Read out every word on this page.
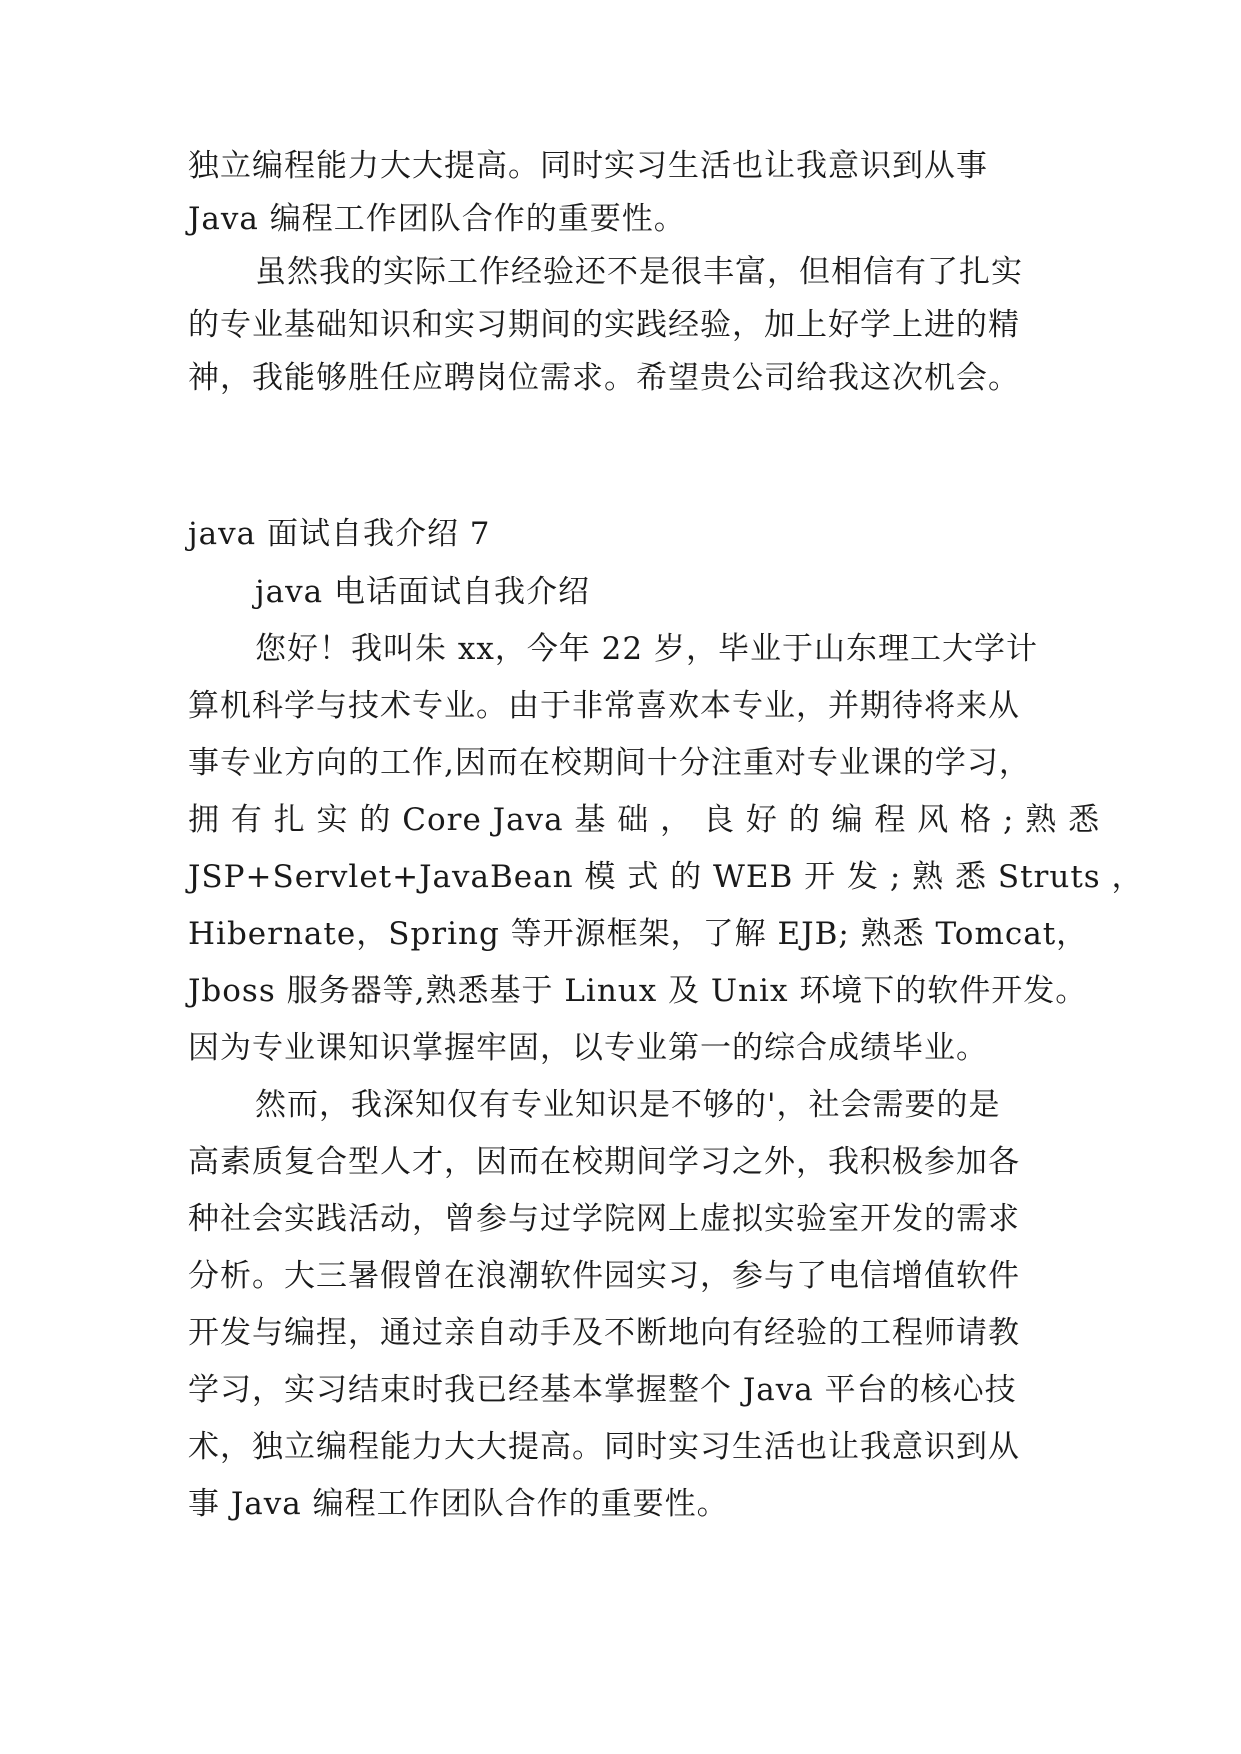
独立编程能力大大提高。同时实习生活也让我意识到从事
Java 编程工作团队合作的重要性。
虽然我的实际工作经验还不是很丰富，但相信有了扎实
的专业基础知识和实习期间的实践经验，加上好学上进的精
神，我能够胜任应聘岗位需求。希望贵公司给我这次机会。
java 面试自我介绍 7
java 电话面试自我介绍
您好！我叫朱 xx，今年 22 岁，毕业于山东理工大学计
算机科学与技术专业。由于非常喜欢本专业，并期待将来从
事专业方向的工作,因而在校期间十分注重对专业课的学习，
拥 有 扎 实 的 Core Java 基 础 ， 良 好 的 编 程 风 格 ; 熟 悉
JSP+Servlet+JavaBean 模 式 的 WEB 开 发 ; 熟 悉 Struts ，
Hibernate，Spring 等开源框架，了解 EJB; 熟悉 Tomcat，
Jboss 服务器等,熟悉基于 Linux 及 Unix 环境下的软件开发。
因为专业课知识掌握牢固，以专业第一的综合成绩毕业。
然而，我深知仅有专业知识是不够的'，社会需要的是
高素质复合型人才，因而在校期间学习之外，我积极参加各
种社会实践活动，曾参与过学院网上虚拟实验室开发的需求
分析。大三暑假曾在浪潮软件园实习，参与了电信增值软件
开发与编捏，通过亲自动手及不断地向有经验的工程师请教
学习，实习结束时我已经基本掌握整个 Java 平台的核心技
术，独立编程能力大大提高。同时实习生活也让我意识到从
事 Java 编程工作团队合作的重要性。
